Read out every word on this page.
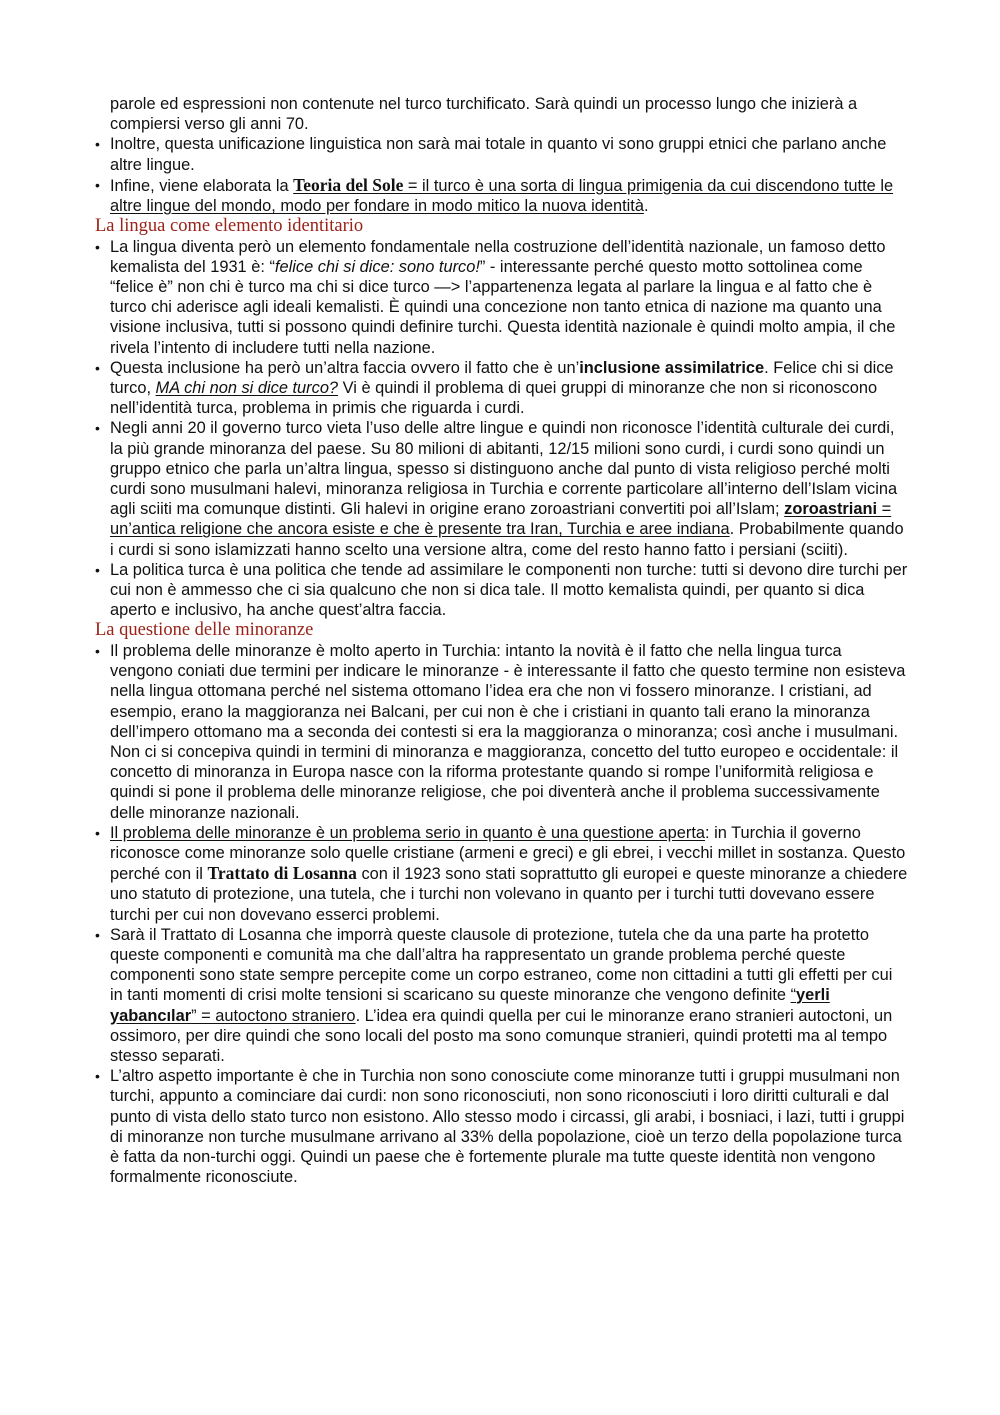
parole ed espressioni non contenute nel turco turchificato. Sarà quindi un processo lungo che inizierà a compiersi verso gli anni 70.

• Inoltre, questa unificazione linguistica non sarà mai totale in quanto vi sono gruppi etnici che parlano anche altre lingue.

• Infine, viene elaborata la Teoria del Sole = il turco è una sorta di lingua primigenia da cui discendono tutte le altre lingue del mondo, modo per fondare in modo mitico la nuova identità.

La lingua come elemento identitario

• La lingua diventa però un elemento fondamentale nella costruzione dell’identità nazionale, un famoso detto kemalista del 1931 è: “felice chi si dice: sono turco!” - interessante perché questo motto sottolinea come “felice è” non chi è turco ma chi si dice turco —> l’appartenenza legata al parlare la lingua e al fatto che è turco chi aderisce agli ideali kemalisti. È quindi una concezione non tanto etnica di nazione ma quanto una visione inclusiva, tutti si possono quindi definire turchi. Questa identità nazionale è quindi molto ampia, il che rivela l’intento di includere tutti nella nazione.

• Questa inclusione ha però un’altra faccia ovvero il fatto che è un’inclusione assimilatrice. Felice chi si dice turco, MA chi non si dice turco? Vi è quindi il problema di quei gruppi di minoranze che non si riconoscono nell’identità turca, problema in primis che riguarda i curdi.

• Negli anni 20 il governo turco vieta l’uso delle altre lingue e quindi non riconosce l’identità culturale dei curdi, la più grande minoranza del paese. Su 80 milioni di abitanti, 12/15 milioni sono curdi, i curdi sono quindi un gruppo etnico che parla un’altra lingua, spesso si distinguono anche dal punto di vista religioso perché molti curdi sono musulmani halevi, minoranza religiosa in Turchia e corrente particolare all’interno dell’Islam vicina agli sciiti ma comunque distinti. Gli halevi in origine erano zoroastriani convertiti poi all’Islam; zoroastriani = un’antica religione che ancora esiste e che è presente tra Iran, Turchia e aree indiana. Probabilmente quando i curdi si sono islamizzati hanno scelto una versione altra, come del resto hanno fatto i persiani (sciiti).

• La politica turca è una politica che tende ad assimilare le componenti non turche: tutti si devono dire turchi per cui non è ammesso che ci sia qualcuno che non si dica tale. Il motto kemalista quindi, per quanto si dica aperto e inclusivo, ha anche quest’altra faccia.

La questione delle minoranze

• Il problema delle minoranze è molto aperto in Turchia: intanto la novità è il fatto che nella lingua turca vengono coniati due termini per indicare le minoranze - è interessante il fatto che questo termine non esisteva nella lingua ottomana perché nel sistema ottomano l’idea era che non vi fossero minoranze. I cristiani, ad esempio, erano la maggioranza nei Balcani, per cui non è che i cristiani in quanto tali erano la minoranza dell’impero ottomano ma a seconda dei contesti si era la maggioranza o minoranza; così anche i musulmani. Non ci si concepiva quindi in termini di minoranza e maggioranza, concetto del tutto europeo e occidentale: il concetto di minoranza in Europa nasce con la riforma protestante quando si rompe l’uniformità religiosa e quindi si pone il problema delle minoranze religiose, che poi diventerà anche il problema successivamente delle minoranze nazionali.

• Il problema delle minoranze è un problema serio in quanto è una questione aperta: in Turchia il governo riconosce come minoranze solo quelle cristiane (armeni e greci) e gli ebrei, i vecchi millet in sostanza. Questo perché con il Trattato di Losanna con il 1923 sono stati soprattutto gli europei e queste minoranze a chiedere uno statuto di protezione, una tutela, che i turchi non volevano in quanto per i turchi tutti dovevano essere turchi per cui non dovevano esserci problemi.

• Sarà il Trattato di Losanna che imporrà queste clausole di protezione, tutela che da una parte ha protetto queste componenti e comunità ma che dall’altra ha rappresentato un grande problema perché queste componenti sono state sempre percepite come un corpo estraneo, come non cittadini a tutti gli effetti per cui in tanti momenti di crisi molte tensioni si scaricano su queste minoranze che vengono definite “yerli yabancılar” = autoctono straniero. L’idea era quindi quella per cui le minoranze erano stranieri autoctoni, un ossimoro, per dire quindi che sono locali del posto ma sono comunque stranieri, quindi protetti ma al tempo stesso separati.

• L’altro aspetto importante è che in Turchia non sono conosciute come minoranze tutti i gruppi musulmani non turchi, appunto a cominciare dai curdi: non sono riconosciuti, non sono riconosciuti i loro diritti culturali e dal punto di vista dello stato turco non esistono. Allo stesso modo i circassi, gli arabi, i bosniaci, i lazi, tutti i gruppi di minoranze non turche musulmane arrivano al 33% della popolazione, cioè un terzo della popolazione turca è fatta da non-turchi oggi. Quindi un paese che è fortemente plurale ma tutte queste identità non vengono formalmente riconosciute.
